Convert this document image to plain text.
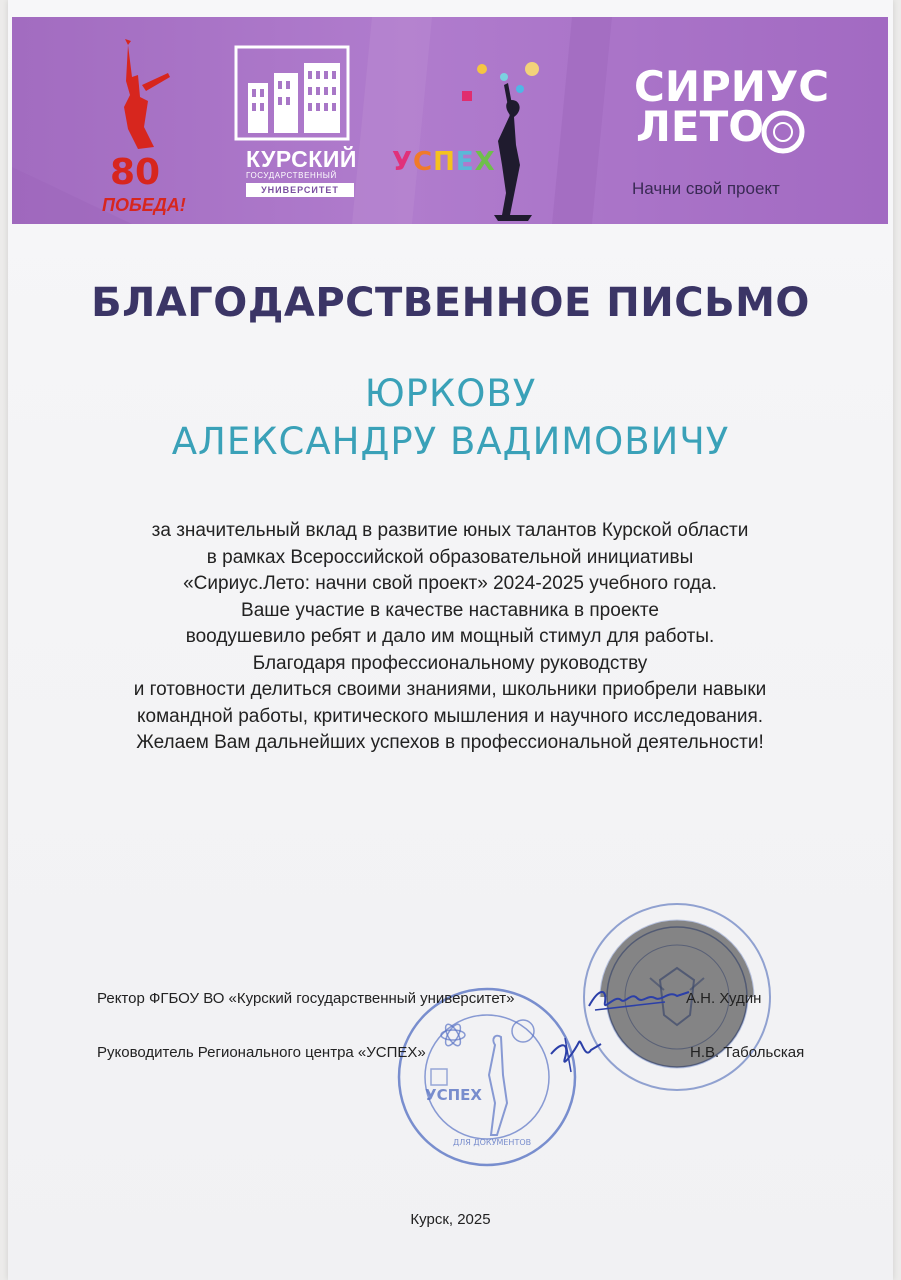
80
ПОБЕДА!
КУРСКИЙ
ГОСУДАРСТВЕННЫЙ
УНИВЕРСИТЕТ
УСПЕХ
СИРИУС
ЛЕТО
Начни свой проект
БЛАГОДАРСТВЕННОЕ ПИСЬМО
ЮРКОВУ
АЛЕКСАНДРУ ВАДИМОВИЧУ
за значительный вклад в развитие юных талантов Курской области
в рамках Всероссийской образовательной инициативы
«Сириус.Лето: начни свой проект» 2024-2025 учебного года.
Ваше участие в качестве наставника в проекте
воодушевило ребят и дало им мощный стимул для работы.
Благодаря профессиональному руководству
и готовности делиться своими знаниями, школьники приобрели навыки
командной работы, критического мышления и научного исследования.
Желаем Вам дальнейших успехов в профессиональной деятельности!
УСПЕХ
ДЛЯ ДОКУМЕНТОВ
Ректор ФГБОУ ВО «Курский государственный университет»	А.Н. Худин
Руководитель Регионального центра «УСПЕХ»	Н.В. Табольская
Курск, 2025
